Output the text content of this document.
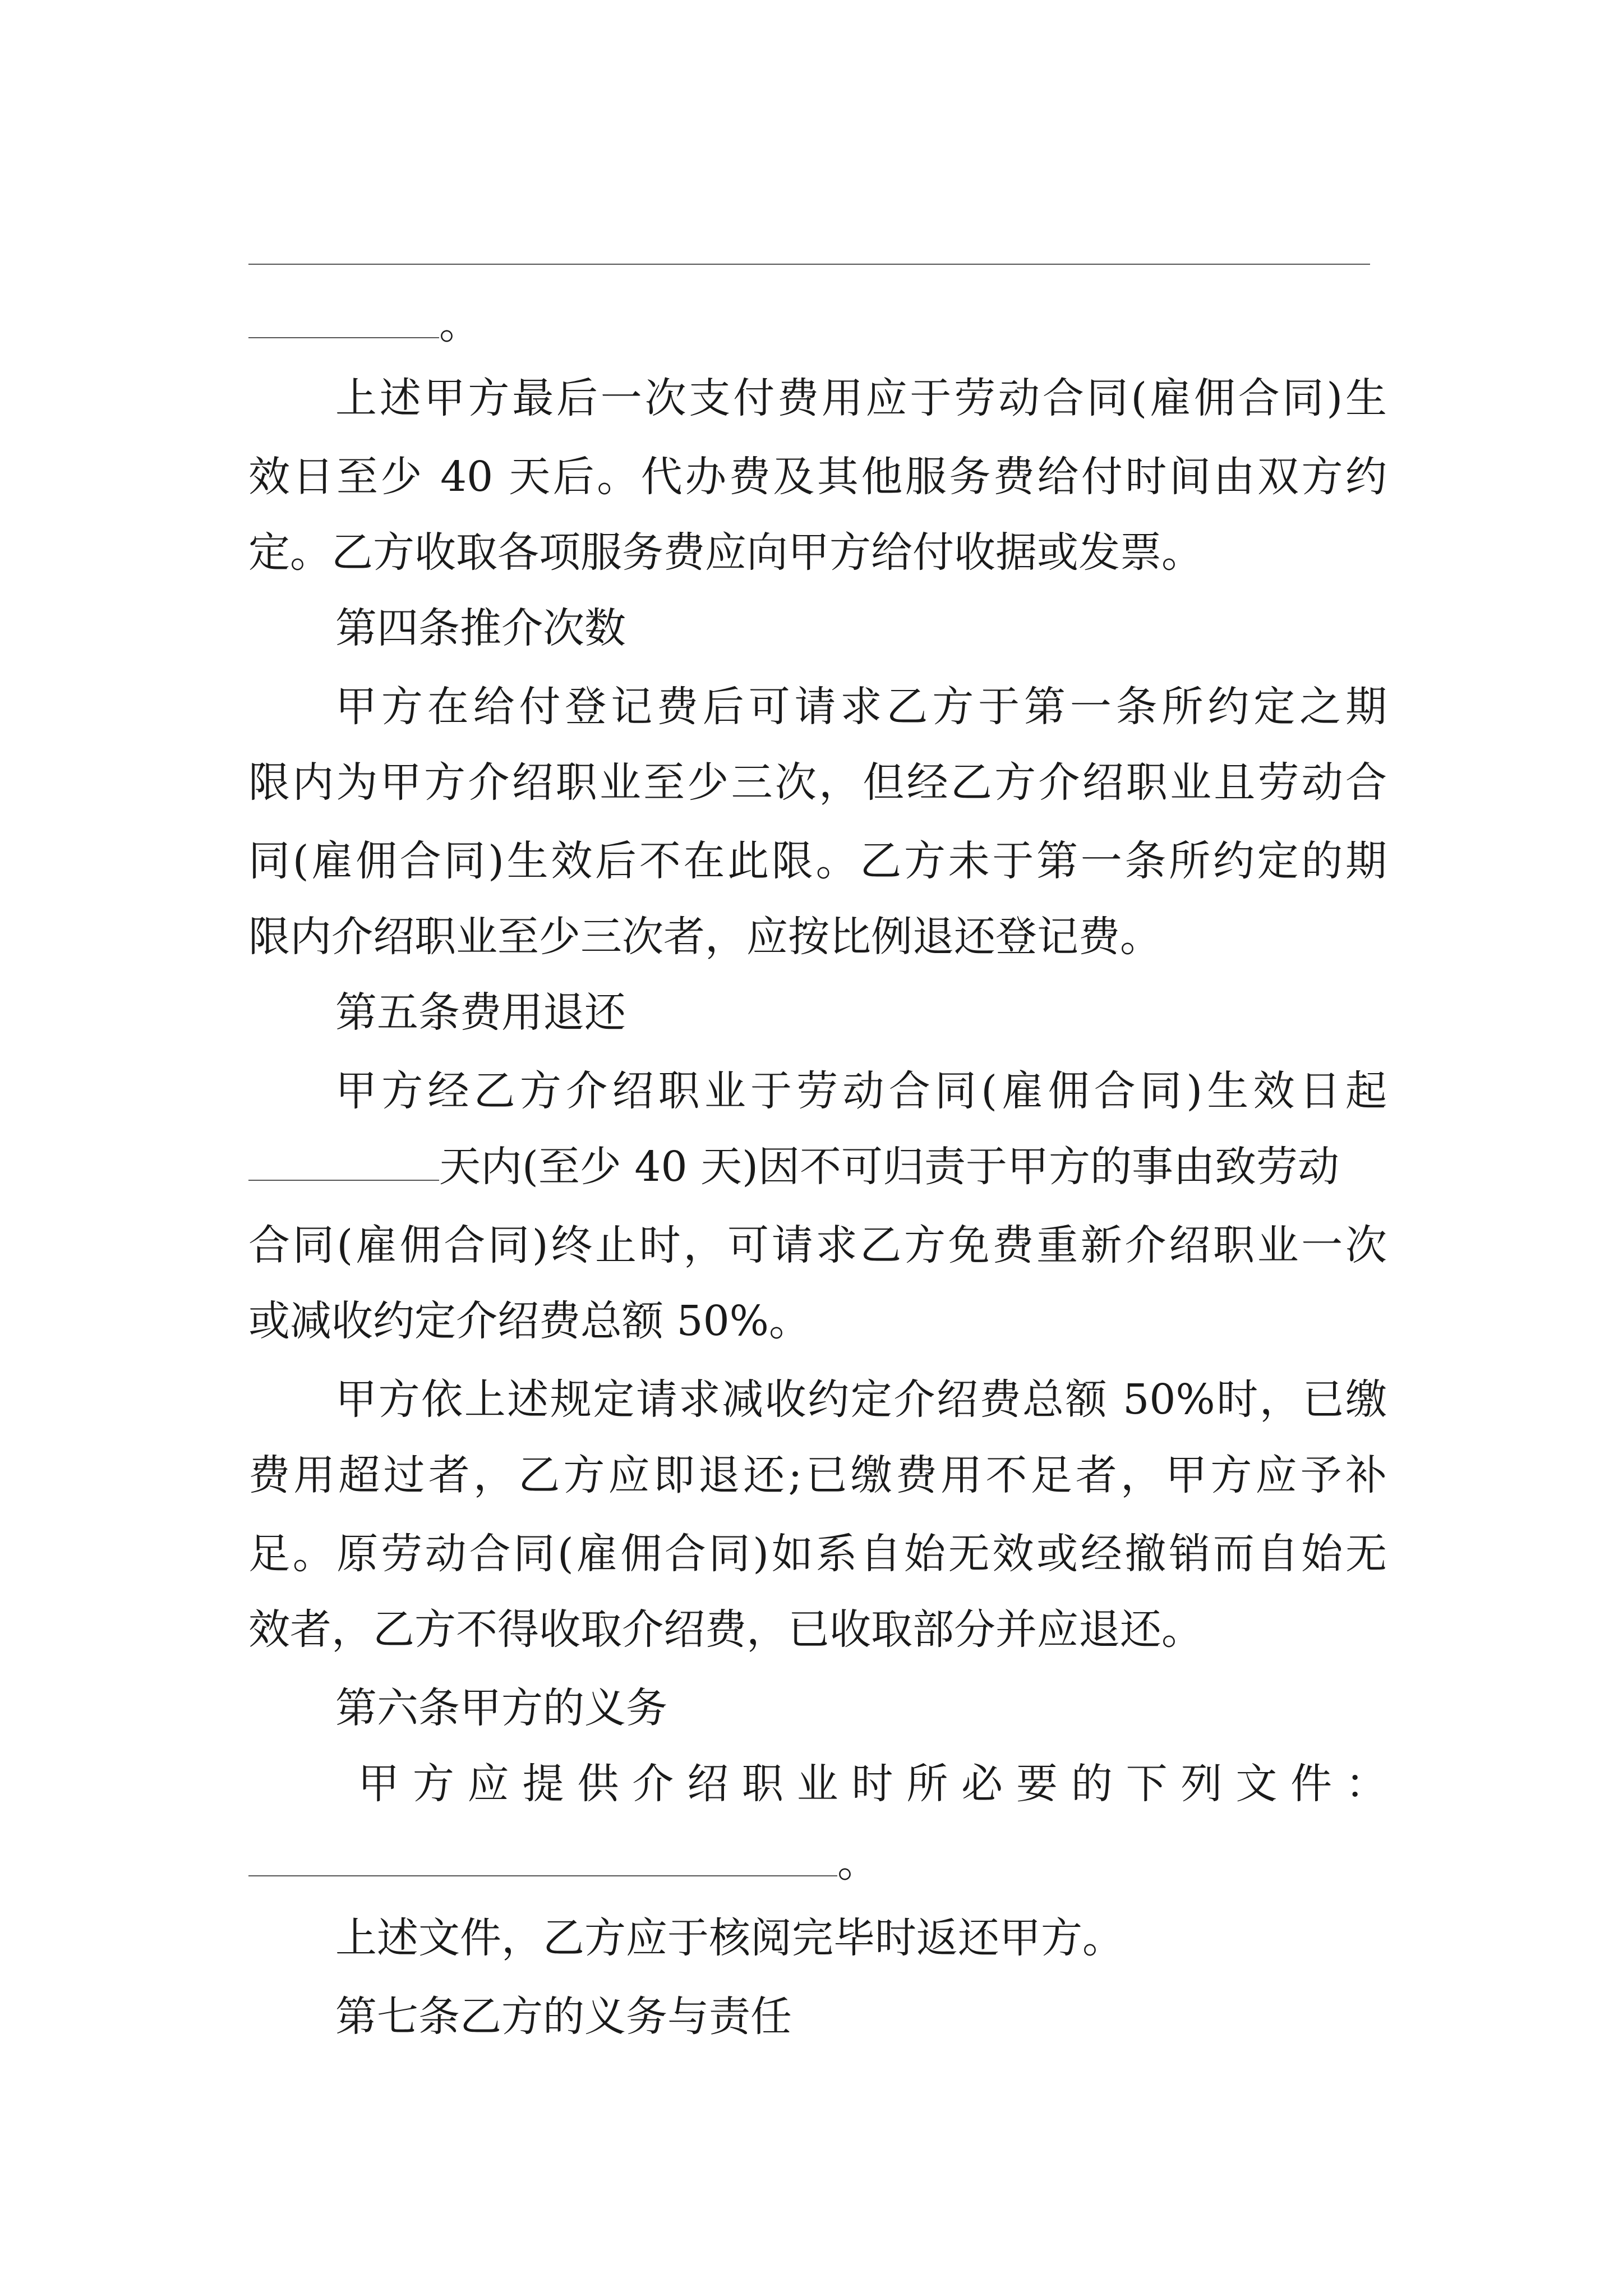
。
上述甲方最后一次支付费用应于劳动合同(雇佣合同)生
效日至少 40 天后。代办费及其他服务费给付时间由双方约
定。乙方收取各项服务费应向甲方给付收据或发票。
第四条推介次数
甲方在给付登记费后可请求乙方于第一条所约定之期
限内为甲方介绍职业至少三次，但经乙方介绍职业且劳动合
同(雇佣合同)生效后不在此限。乙方未于第一条所约定的期
限内介绍职业至少三次者，应按比例退还登记费。
第五条费用退还
甲方经乙方介绍职业于劳动合同(雇佣合同)生效日起
天内(至少 40 天)因不可归责于甲方的事由致劳动
合同(雇佣合同)终止时，可请求乙方免费重新介绍职业一次
或减收约定介绍费总额 50%。
甲方依上述规定请求减收约定介绍费总额 50%时，已缴
费用超过者，乙方应即退还;已缴费用不足者，甲方应予补
足。原劳动合同(雇佣合同)如系自始无效或经撤销而自始无
效者，乙方不得收取介绍费，已收取部分并应退还。
第六条甲方的义务
甲方应提供介绍职业时所必要的下列文件：
。
上述文件，乙方应于核阅完毕时返还甲方。
第七条乙方的义务与责任
